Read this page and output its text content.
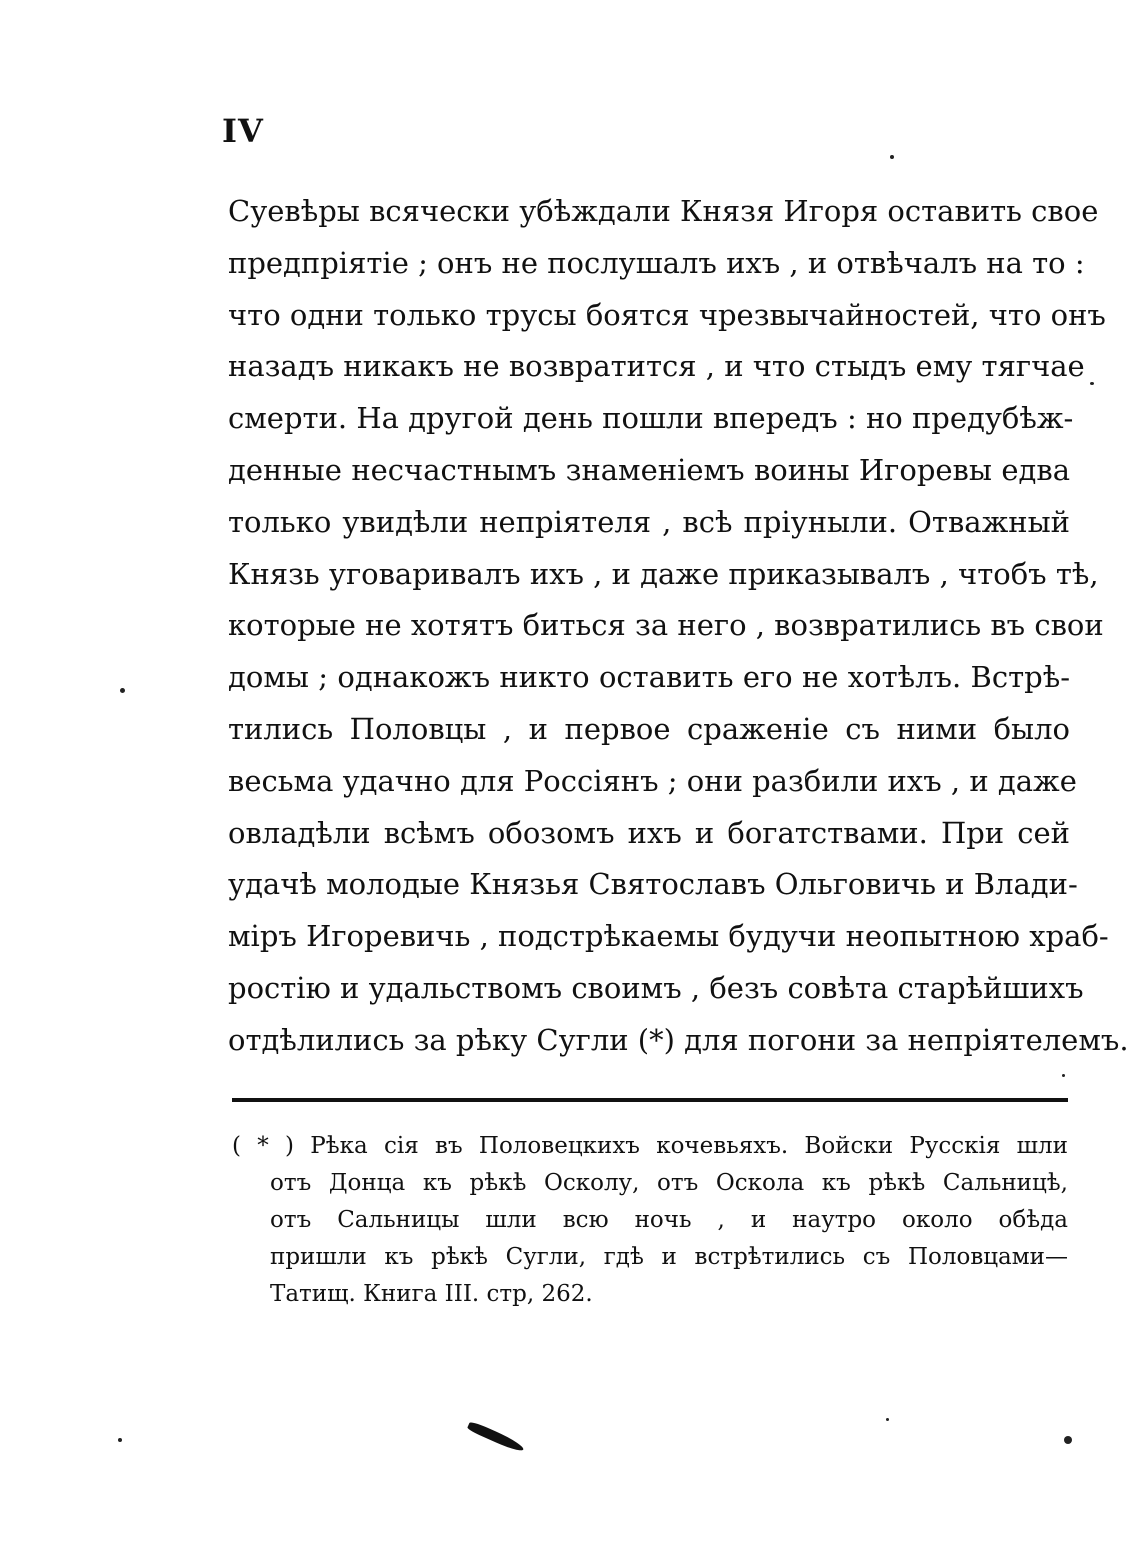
IV
Суевѣры всячески убѣждали Князя Игоря оставить свое
предпріятіе ; онъ не послушалъ ихъ , и отвѣчалъ на то :
что одни только трусы боятся чрезвычайностей, что онъ
назадъ никакъ не возвратится , и что стыдъ ему тягчае
смерти. На другой день пошли впередъ : но предубѣж-
денные несчастнымъ знаменіемъ воины Игоревы едва
только увидѣли непріятеля , всѣ пріуныли. Отважный
Князь уговаривалъ ихъ , и даже приказывалъ , чтобъ тѣ,
которые не хотятъ биться за него , возвратились въ свои
домы ; однакожъ никто оставить его не хотѣлъ. Встрѣ-
тились Половцы , и первое сраженіе съ ними было
весьма удачно для Россіянъ ; они разбили ихъ , и даже
овладѣли всѣмъ обозомъ ихъ и богатствами. При сей
удачѣ молодые Князья Святославъ Ольговичь и Влади-
міръ Игоревичь , подстрѣкаемы будучи неопытною храб-
ростію и удальствомъ своимъ , безъ совѣта старѣйшихъ
отдѣлились за рѣку Сугли (*) для погони за непріятелемъ.
( * ) Рѣка сія въ Половецкихъ кочевьяхъ. Войски Русскія шли
отъ Донца къ рѣкѣ Осколу, отъ Оскола къ рѣкѣ Сальницѣ,
отъ Сальницы шли всю ночь , и наутро около обѣда
пришли къ рѣкѣ Сугли, гдѣ и встрѣтились съ Половцами—
Татищ. Книга III. стр, 262.
